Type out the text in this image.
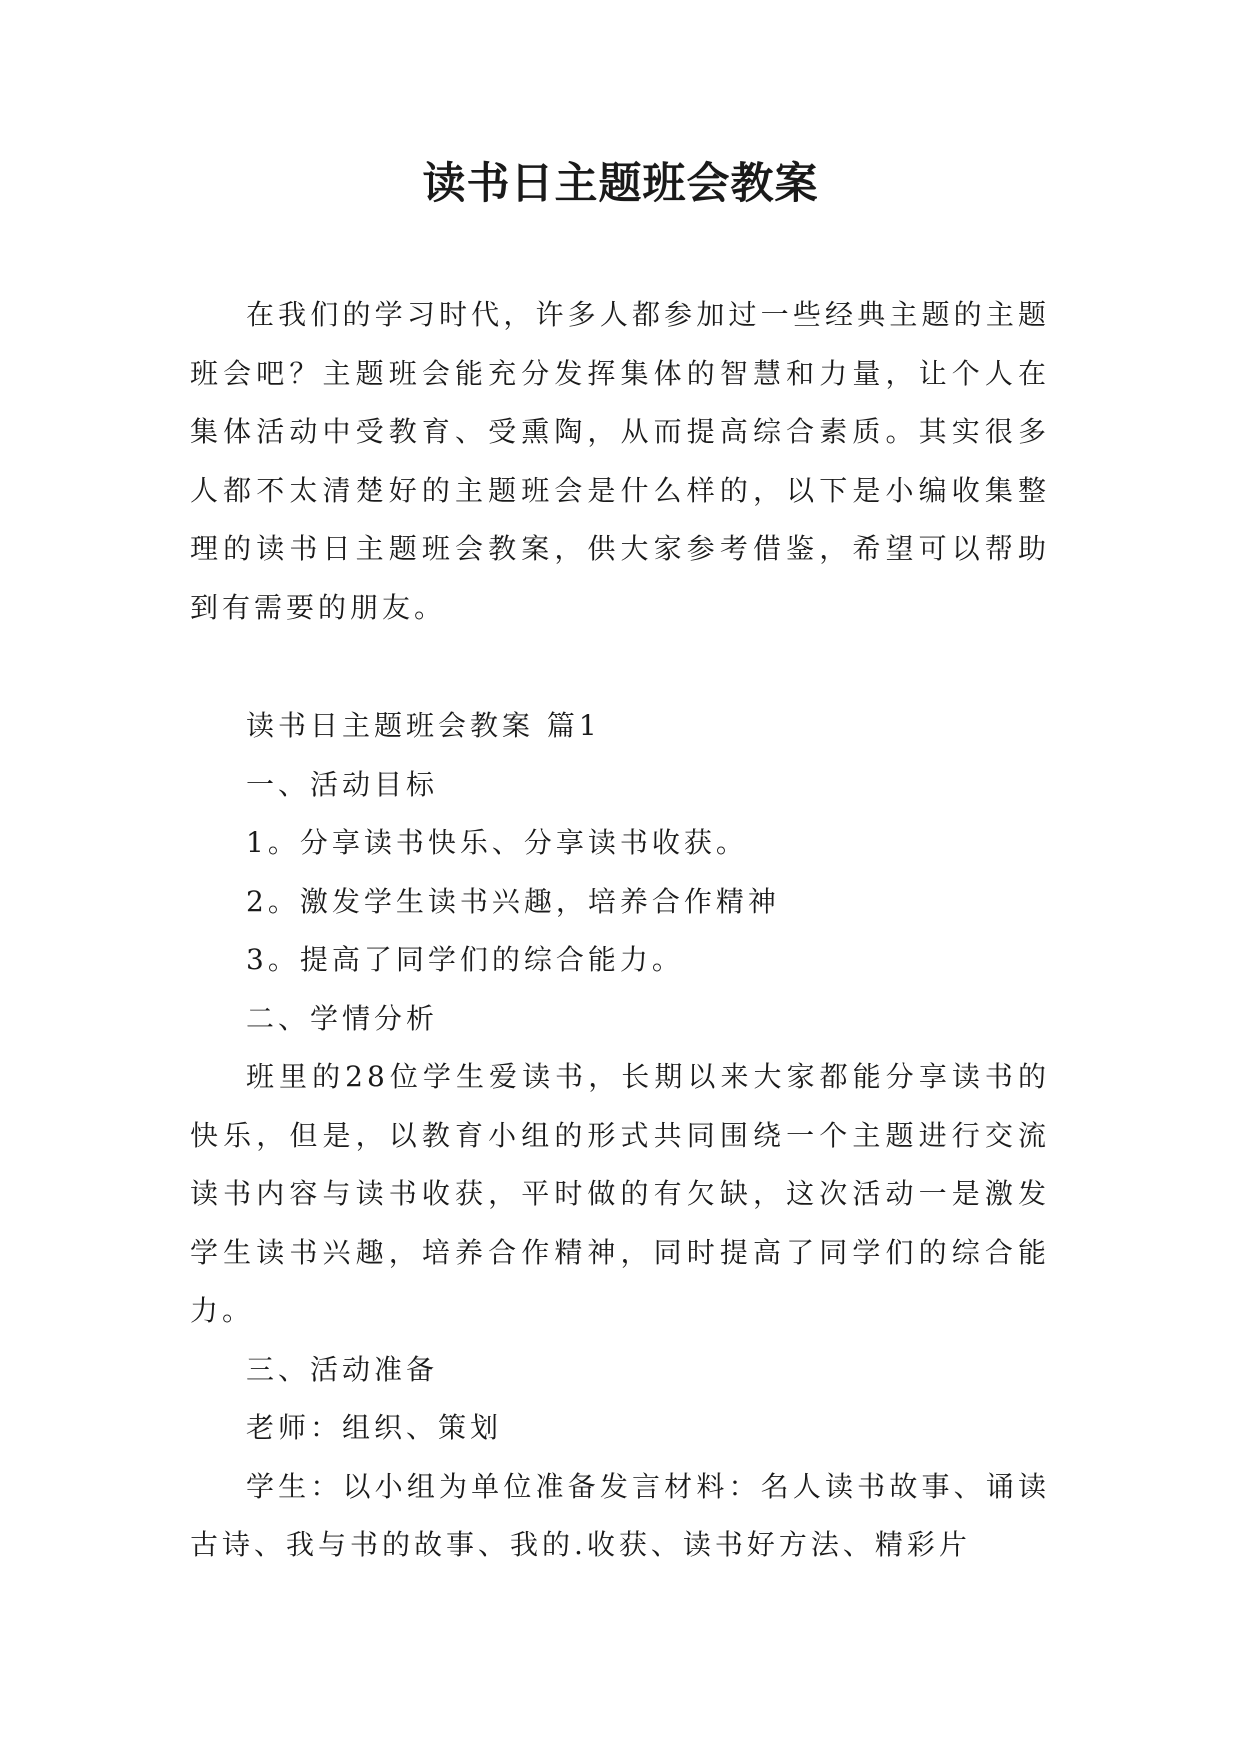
读书日主题班会教案

在我们的学习时代，许多人都参加过一些经典主题的主题班会吧？主题班会能充分发挥集体的智慧和力量，让个人在集体活动中受教育、受熏陶，从而提高综合素质。其实很多人都不太清楚好的主题班会是什么样的，以下是小编收集整理的读书日主题班会教案，供大家参考借鉴，希望可以帮助到有需要的朋友。

读书日主题班会教案 篇1

一、活动目标

1。分享读书快乐、分享读书收获。

2。激发学生读书兴趣，培养合作精神

3。提高了同学们的综合能力。

二、学情分析

班里的28位学生爱读书，长期以来大家都能分享读书的快乐，但是，以教育小组的形式共同围绕一个主题进行交流读书内容与读书收获，平时做的有欠缺，这次活动一是激发学生读书兴趣，培养合作精神，同时提高了同学们的综合能力。

三、活动准备

老师：组织、策划

学生：以小组为单位准备发言材料：名人读书故事、诵读古诗、我与书的故事、我的.收获、读书好方法、精彩片
